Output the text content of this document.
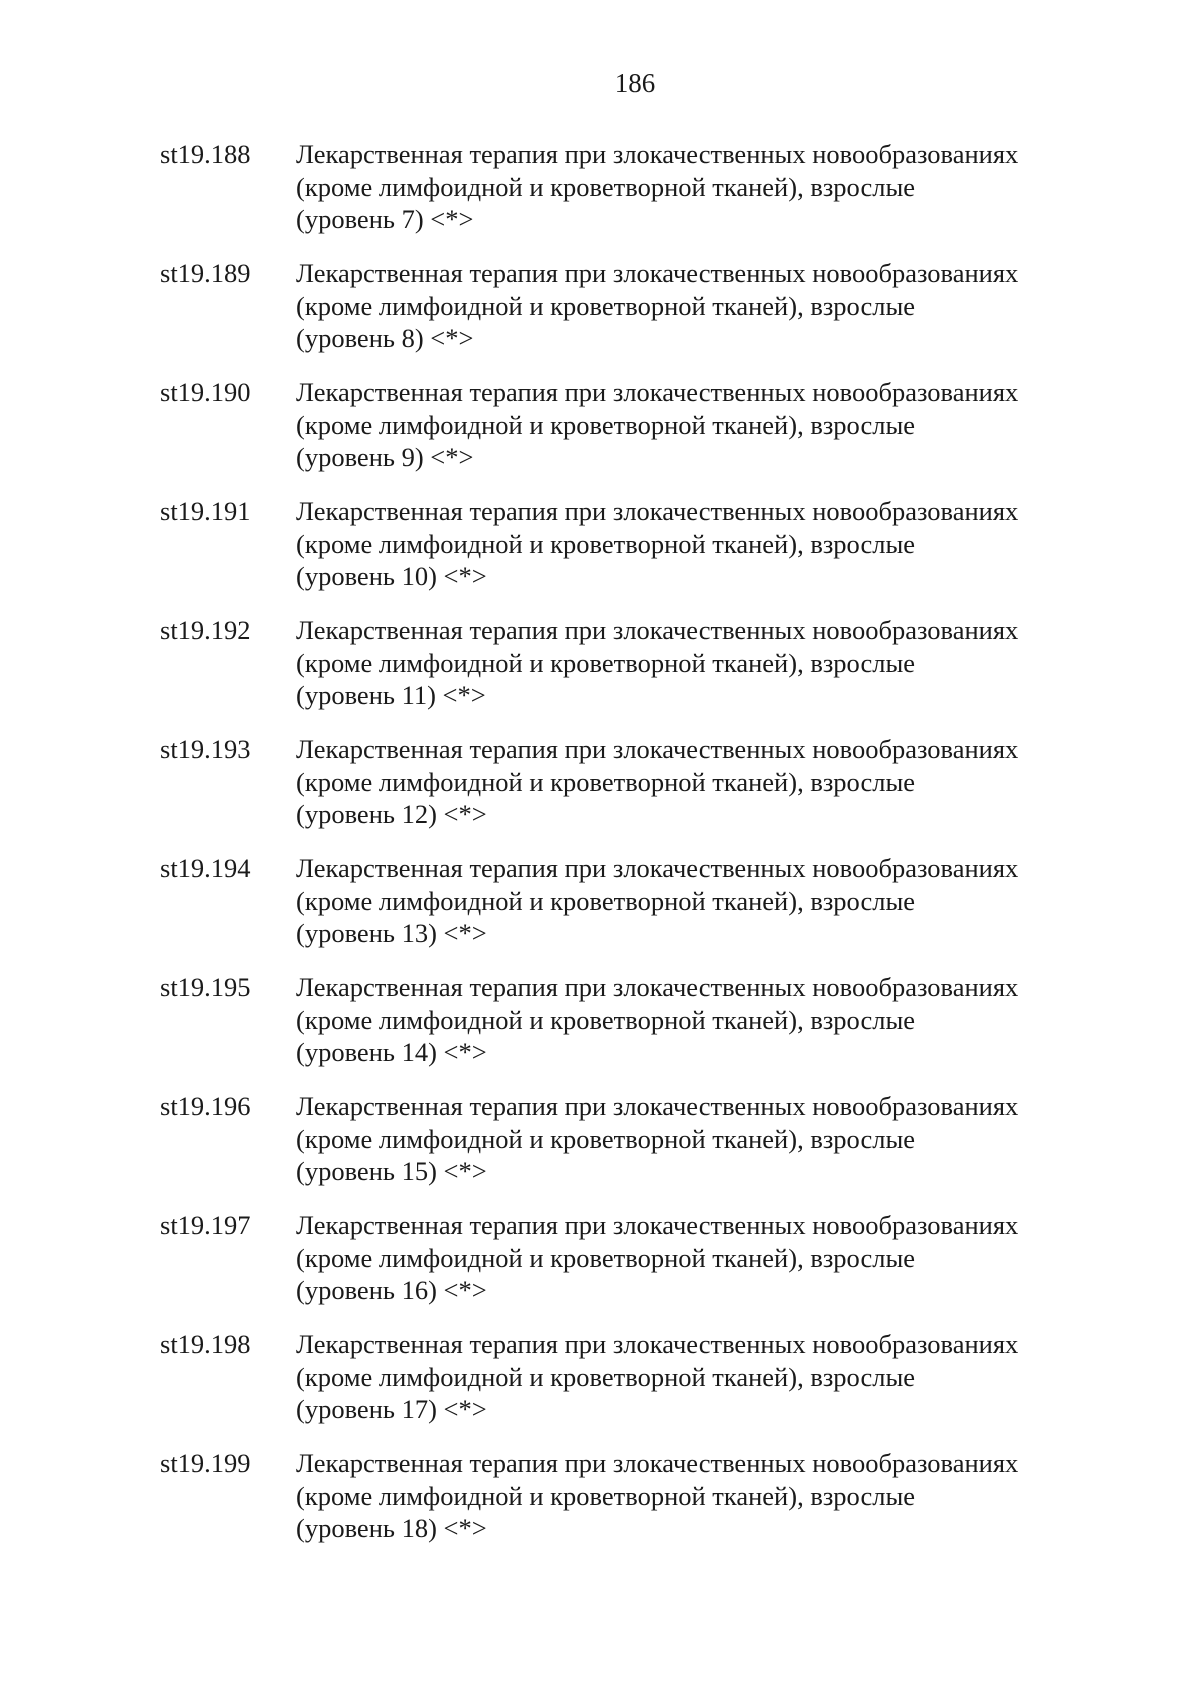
186
st19.188	Лекарственная терапия при злокачественных новообразованиях
(кроме лимфоидной и кроветворной тканей), взрослые
(уровень 7) <*>
st19.189	Лекарственная терапия при злокачественных новообразованиях
(кроме лимфоидной и кроветворной тканей), взрослые
(уровень 8) <*>
st19.190	Лекарственная терапия при злокачественных новообразованиях
(кроме лимфоидной и кроветворной тканей), взрослые
(уровень 9) <*>
st19.191	Лекарственная терапия при злокачественных новообразованиях
(кроме лимфоидной и кроветворной тканей), взрослые
(уровень 10) <*>
st19.192	Лекарственная терапия при злокачественных новообразованиях
(кроме лимфоидной и кроветворной тканей), взрослые
(уровень 11) <*>
st19.193	Лекарственная терапия при злокачественных новообразованиях
(кроме лимфоидной и кроветворной тканей), взрослые
(уровень 12) <*>
st19.194	Лекарственная терапия при злокачественных новообразованиях
(кроме лимфоидной и кроветворной тканей), взрослые
(уровень 13) <*>
st19.195	Лекарственная терапия при злокачественных новообразованиях
(кроме лимфоидной и кроветворной тканей), взрослые
(уровень 14) <*>
st19.196	Лекарственная терапия при злокачественных новообразованиях
(кроме лимфоидной и кроветворной тканей), взрослые
(уровень 15) <*>
st19.197	Лекарственная терапия при злокачественных новообразованиях
(кроме лимфоидной и кроветворной тканей), взрослые
(уровень 16) <*>
st19.198	Лекарственная терапия при злокачественных новообразованиях
(кроме лимфоидной и кроветворной тканей), взрослые
(уровень 17) <*>
st19.199	Лекарственная терапия при злокачественных новообразованиях
(кроме лимфоидной и кроветворной тканей), взрослые
(уровень 18) <*>
